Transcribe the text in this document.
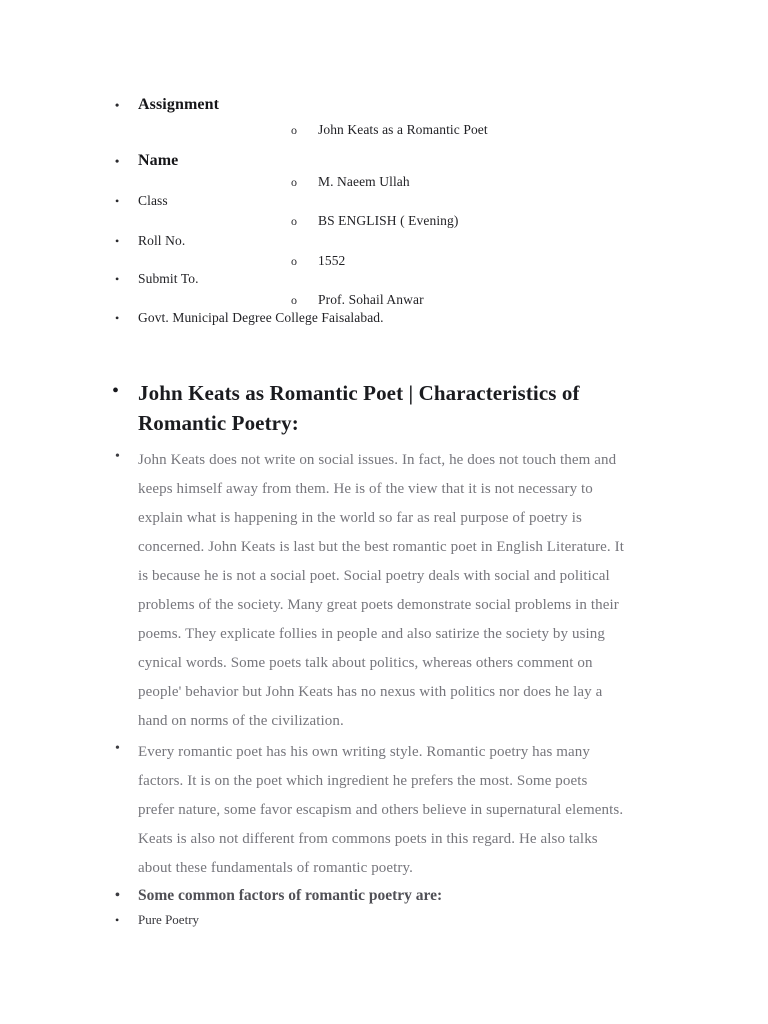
• Assignment
o John Keats as a Romantic Poet
• Name
o M. Naeem Ullah
• Class
o BS ENGLISH ( Evening)
• Roll No.
o 1552
• Submit To.
o Prof. Sohail Anwar
• Govt. Municipal Degree College Faisalabad.
• John Keats as Romantic Poet | Characteristics of
Romantic Poetry:
• John Keats does not write on social issues. In fact, he does not touch them and
keeps himself away from them. He is of the view that it is not necessary to
explain what is happening in the world so far as real purpose of poetry is
concerned. John Keats is last but the best romantic poet in English Literature. It
is because he is not a social poet. Social poetry deals with social and political
problems of the society. Many great poets demonstrate social problems in their
poems. They explicate follies in people and also satirize the society by using
cynical words. Some poets talk about politics, whereas others comment on
people' behavior but John Keats has no nexus with politics nor does he lay a
hand on norms of the civilization.

• Every romantic poet has his own writing style. Romantic poetry has many
factors. It is on the poet which ingredient he prefers the most. Some poets
prefer nature, some favor escapism and others believe in supernatural elements.
Keats is also not different from commons poets in this regard. He also talks
about these fundamentals of romantic poetry.

• Some common factors of romantic poetry are:
• Pure Poetry
